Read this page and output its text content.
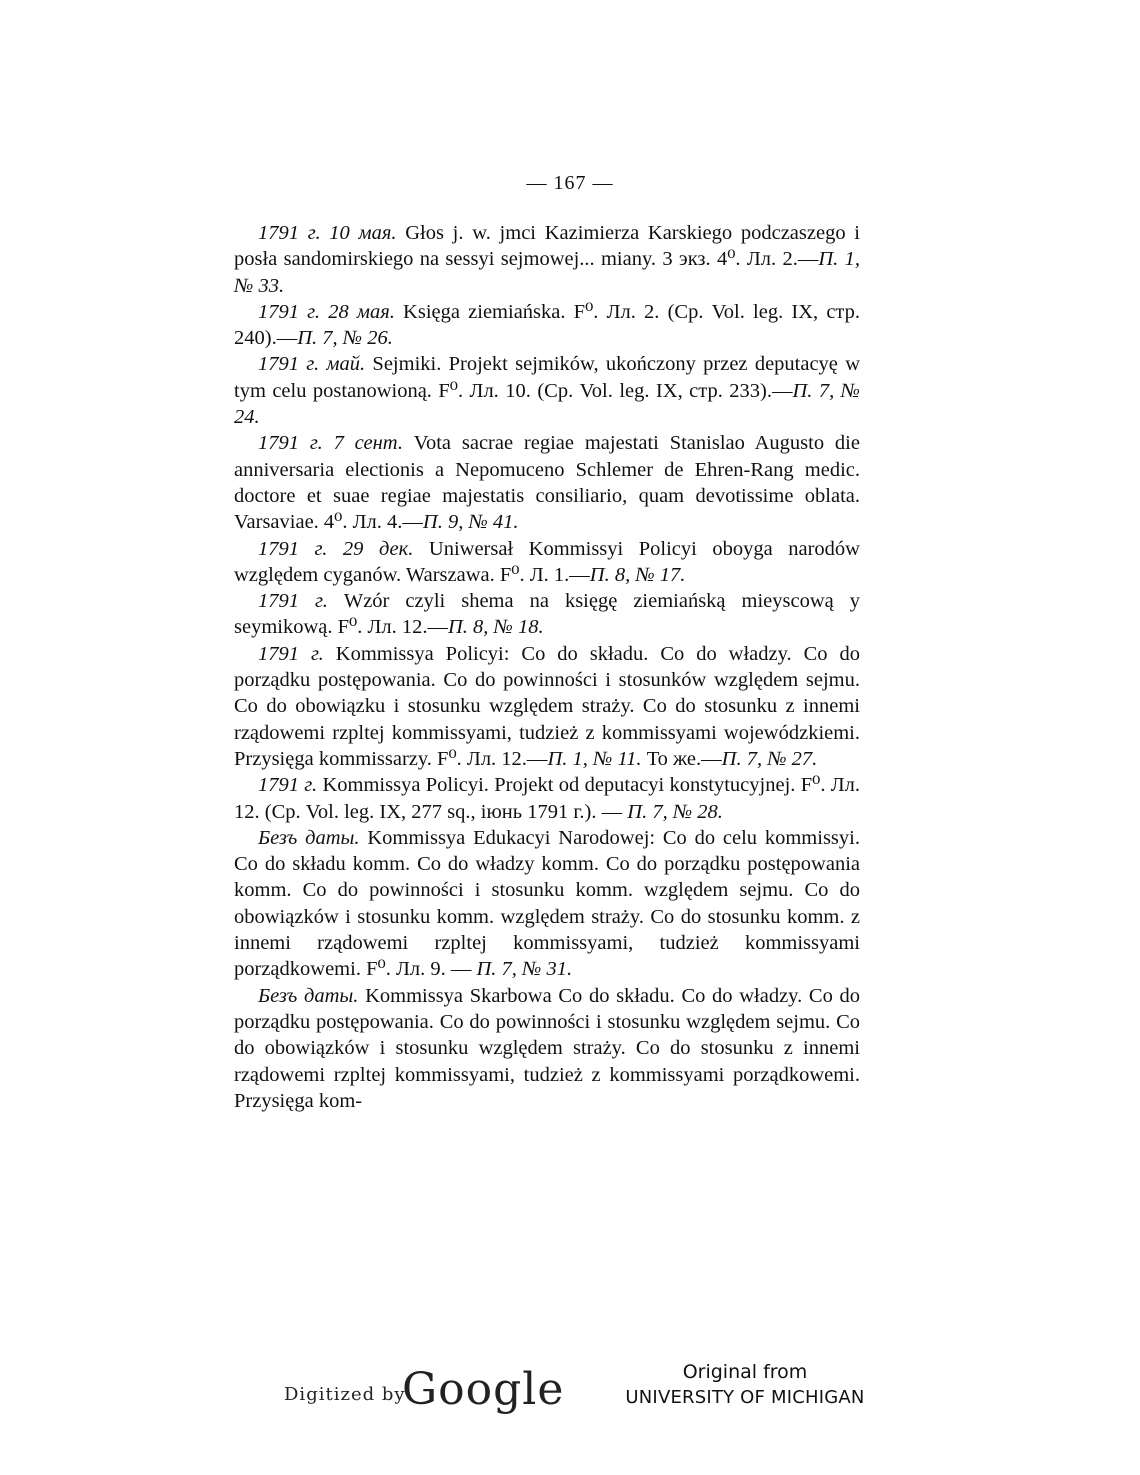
— 167 —

1791 г. 10 мая. Głos j. w. jmci Kazimierza Karskiego podczaszego i posła sandomirskiego na sessyi sejmowej... miany. 3 экз. 4⁰. Лл. 2.—П. 1, № 33.

1791 г. 28 мая. Księga ziemiańska. F⁰. Лл. 2. (Ср. Vol. leg. IX, стр. 240).—П. 7, № 26.

1791 г. май. Sejmiki. Projekt sejmików, ukończony przez deputacyę w tym celu postanowioną. F⁰. Лл. 10. (Ср. Vol. leg. IX, стр. 233).—П. 7, № 24.

1791 г. 7 сент. Vota sacrae regiae majestati Stanislao Augusto die anniversaria electionis a Nepomuceno Schlemer de Ehren-Rang medic. doctore et suae regiae majestatis consiliario, quam devotissime oblata. Varsaviae. 4⁰. Лл. 4.—П. 9, № 41.

1791 г. 29 дек. Uniwersał Kommissyi Policyi oboyga narodów względem cyganów. Warszawa. F⁰. Л. 1.—П. 8, № 17.

1791 г. Wzór czyli shema na księgę ziemiańską mieyscową y seymikową. F⁰. Лл. 12.—П. 8, № 18.

1791 г. Kommissya Policyi: Co do składu. Co do władzy. Co do porządku postępowania. Co do powinności i stosunków względem sejmu. Co do obowiązku i stosunku względem straży. Co do stosunku z innemi rządowemi rzpltej kommissyami, tudzież z kommissyami wojewódzkiemi. Przysięga kommissarzy. F⁰. Лл. 12.—П. 1, № 11. То же.—П. 7, № 27.

1791 г. Kommissya Policyi. Projekt od deputacyi konstytucyjnej. F⁰. Лл. 12. (Ср. Vol. leg. IX, 277 sq., іюнь 1791 г.). — П. 7, № 28.

Безъ даты. Kommissya Edukacyi Narodowej: Co do celu kommissyi. Co do składu komm. Co do władzy komm. Co do porządku postępowania komm. Co do powinności i stosunku komm. względem sejmu. Co do obowiązków i stosunku komm. względem straży. Co do stosunku komm. z innemi rządowemi rzpltej kommissyami, tudzież kommissyami porządkowemi. F⁰. Лл. 9. — П. 7, № 31.

Безъ даты. Kommissya Skarbowa Co do składu. Co do władzy. Co do porządku postępowania. Co do powinności i stosunku względem sejmu. Co do obowiązków i stosunku względem straży. Co do stosunku z innemi rządowemi rzpltej kommissyami, tudzież z kommissyami porządkowemi. Przysięga kom-

Digitized by
Google	Original from
UNIVERSITY OF MICHIGAN
